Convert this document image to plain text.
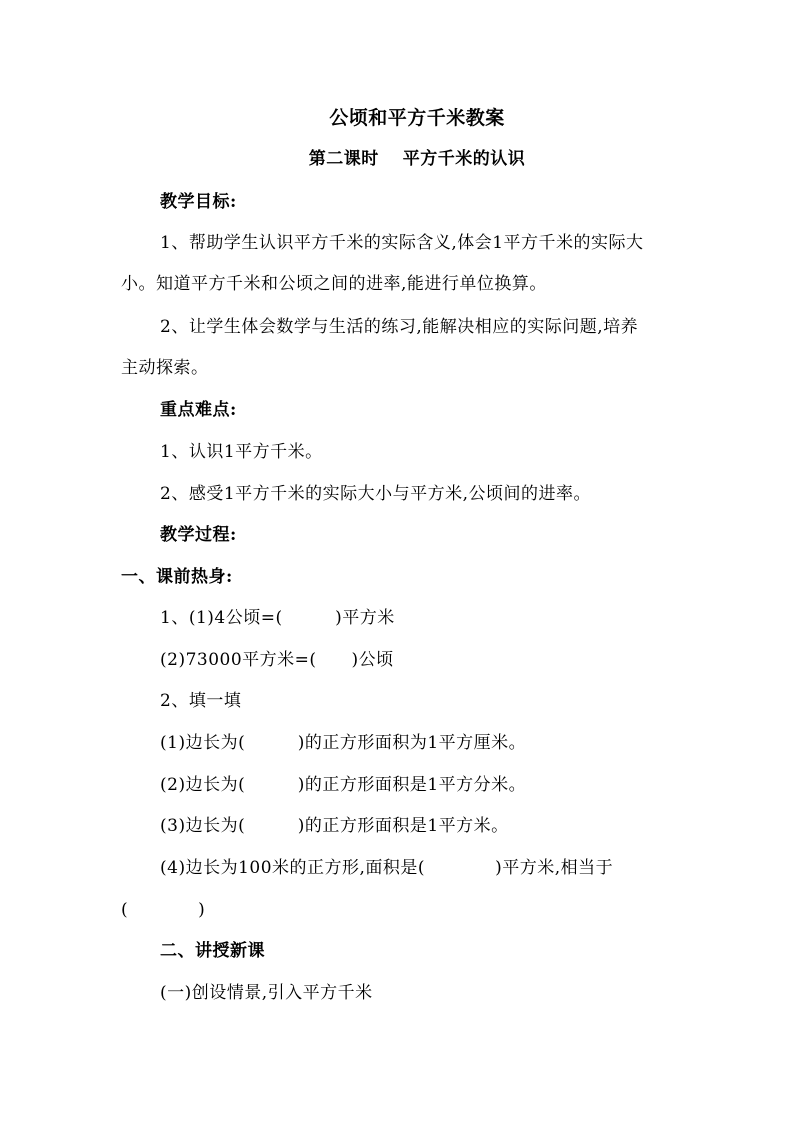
公顷和平方千米教案
第二课时 平方千米的认识
教学目标:
1、帮助学生认识平方千米的实际含义,体会1平方千米的实际大
小。知道平方千米和公顷之间的进率,能进行单位换算。
2、让学生体会数学与生活的练习,能解决相应的实际问题,培养
主动探索。
重点难点:
1、认识1平方千米。
2、感受1平方千米的实际大小与平方米,公顷间的进率。
教学过程:
一、课前热身:
1、(1)4公顷=(　　　)平方米
(2)73000平方米=(　　)公顷
2、填一填
(1)边长为(　　　)的正方形面积为1平方厘米。
(2)边长为(　　　)的正方形面积是1平方分米。
(3)边长为(　　　)的正方形面积是1平方米。
(4)边长为100米的正方形,面积是(　　　　)平方米,相当于
(　　　　)
二、讲授新课
(一)创设情景,引入平方千米
